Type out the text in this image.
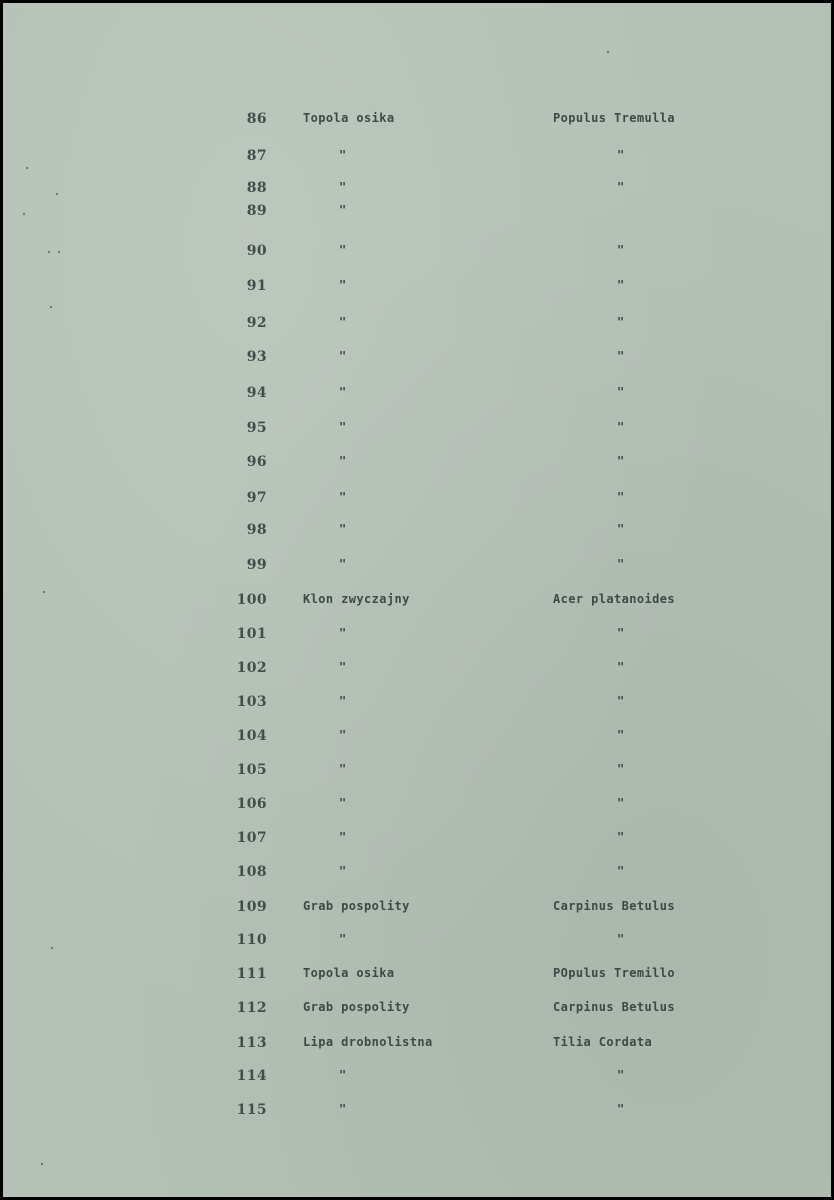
86	Topola osika	Populus Tremulla
87	"	"
88	"	"
89	"
90	"	"
91	"	"
92	"	"
93	"	"
94	"	"
95	"	"
96	"	"
97	"	"
98	"	"
99	"	"
100	Klon zwyczajny	Acer platanoides
101	"	"
102	"	"
103	"	"
104	"	"
105	"	"
106	"	"
107	"	"
108	"	"
109	Grab pospolity	Carpinus Betulus
110	"	"
111	Topola osika	POpulus Tremillo
112	Grab pospolity	Carpinus Betulus
113	Lipa drobnolistna	Tilia Cordata
114	"	"
115	"	"
